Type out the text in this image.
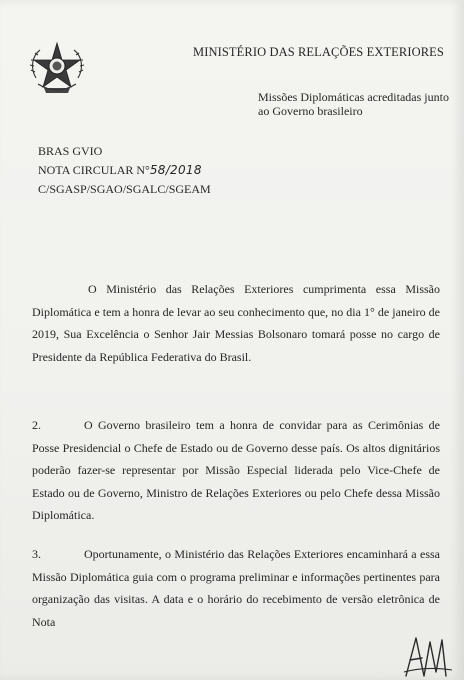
MINISTÉRIO DAS RELAÇÕES EXTERIORES
Missões Diplomáticas acreditadas junto
ao Governo brasileiro
BRAS GVIO
NOTA CIRCULAR N°58/2018
C/SGASP/SGAO/SGALC/SGEAM
O Ministério das Relações Exteriores cumprimenta essa Missão Diplomática e tem a honra de levar ao seu conhecimento que, no dia 1° de janeiro de 2019, Sua Excelência o Senhor Jair Messias Bolsonaro tomará posse no cargo de Presidente da República Federativa do Brasil.
2.	O Governo brasileiro tem a honra de convidar para as Cerimônias de Posse Presidencial o Chefe de Estado ou de Governo desse país. Os altos dignitários poderão fazer-se representar por Missão Especial liderada pelo Vice-Chefe de Estado ou de Governo, Ministro de Relações Exteriores ou pelo Chefe dessa Missão Diplomática.
3.	Oportunamente, o Ministério das Relações Exteriores encaminhará a essa Missão Diplomática guia com o programa preliminar e informações pertinentes para organização das visitas. A data e o horário do recebimento de versão eletrônica de Nota
